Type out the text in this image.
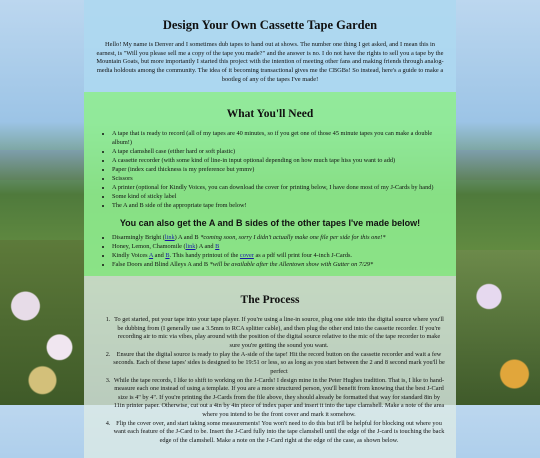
Design Your Own Cassette Tape Garden

Hello! My name is Denver and I sometimes dub tapes to hand out at shows. The number one thing I get asked, and I mean this in earnest, is "Will you please sell me a copy of the tape you made?" and the answer is no. I do not have the rights to sell you a tape by the Mountain Goats, but more importantly I started this project with the intention of meeting other fans and making friends through analog-media holdouts among the community. The idea of it becoming transactional gives me the CBGBs! So instead, here's a guide to make a bootleg of any of the tapes I've made!

What You'll Need
• A tape that is ready to record (all of my tapes are 40 minutes, so if you get one of those 45 minute tapes you can make a double album!)
• A tape clamshell case (either hard or soft plastic)
• A cassette recorder (with some kind of line-in input optional depending on how much tape hiss you want to add)
• Paper (index card thickness is my preference but ymmv)
• Scissors
• A printer (optional for Kindly Voices, you can download the cover for printing below, I have done most of my J-Cards by hand)
• Some kind of sticky label
• The A and B side of the appropriate tape from below!
You can also get the A and B sides of the other tapes I've made below!
• Disarmingly Bright (link) A and B *coming soon, sorry I didn't actually make one file per side for this one!*
• Honey, Lemon, Chamomile (link) A and B
• Kindly Voices A and B. This handy printout of the cover as a pdf will print four 4-inch J-Cards.
• False Doors and Blind Alleys A and B *will be available after the Allentown show with Gutter on 7/29*
The Process
1. To get started, put your tape into your tape player. If you're using a line-in source, plug one side into the digital source where you'll be dubbing from (I generally use a 3.5mm to RCA splitter cable), and then plug the other end into the cassette recorder. If you're recording air to mic via vibes, play around with the position of the digital source relative to the mic of the tape recorder to make sure you're getting the sound you want.
2. Ensure that the digital source is ready to play the A-side of the tape! Hit the record button on the cassette recorder and wait a few seconds. Each of these tapes' sides is designed to be 19:51 or less, so as long as you start between the 2 and 8 second mark you'll be perfect
3. While the tape records, I like to shift to working on the J-Cards! I design mine in the Peter Hughes tradition. That is, I like to hand-measure each one instead of using a template. If you are a more structured person, you'll benefit from knowing that the best J-Card size is 4" by 4". If you're printing the J-Cards from the file above, they should already be formatted that way for standard 8in by 11in printer paper. Otherwise, cut out a 4in by 4in piece of index paper and insert it into the tape clamshell. Make a note of the area where you intend to be the front cover and mark it somehow.
4. Flip the cover over, and start taking some measurements! You won't need to do this but it'll be helpful for blocking out where you want each feature of the J-Card to be. Insert the J-Card fully into the tape clamshell until the edge of the J-card is touching the back edge of the clamshell. Make a note on the J-Card right at the edge of the case, as shown below.
